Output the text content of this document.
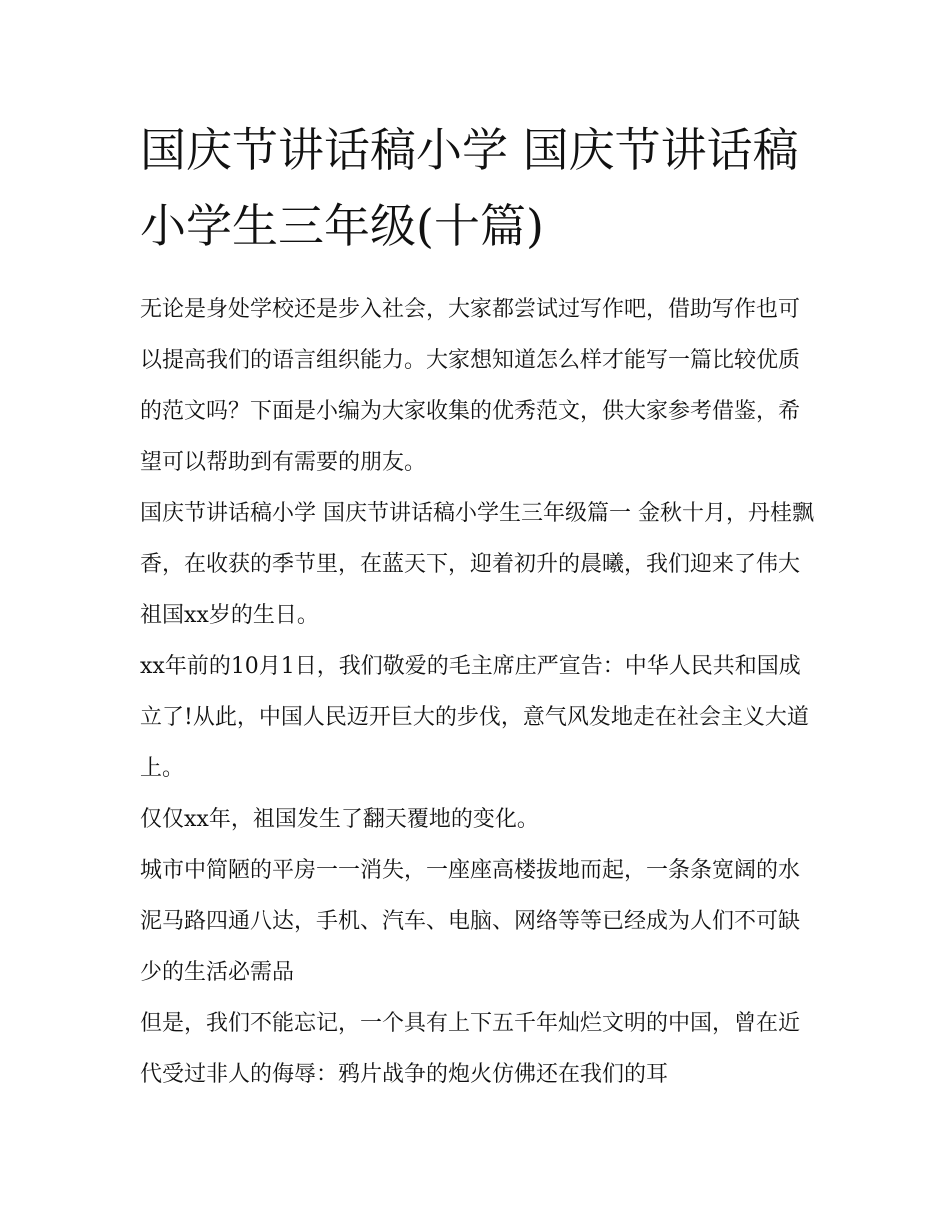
国庆节讲话稿小学 国庆节讲话稿小学生三年级(十篇)

无论是身处学校还是步入社会，大家都尝试过写作吧，借助写作也可以提高我们的语言组织能力。大家想知道怎么样才能写一篇比较优质的范文吗？下面是小编为大家收集的优秀范文，供大家参考借鉴，希望可以帮助到有需要的朋友。

国庆节讲话稿小学 国庆节讲话稿小学生三年级篇一 金秋十月，丹桂飘香，在收获的季节里，在蓝天下，迎着初升的晨曦，我们迎来了伟大祖国xx岁的生日。

xx年前的10月1日，我们敬爱的毛主席庄严宣告：中华人民共和国成立了!从此，中国人民迈开巨大的步伐，意气风发地走在社会主义大道上。

仅仅xx年，祖国发生了翻天覆地的变化。

城市中简陋的平房一一消失，一座座高楼拔地而起，一条条宽阔的水泥马路四通八达，手机、汽车、电脑、网络等等已经成为人们不可缺少的生活必需品

但是，我们不能忘记，一个具有上下五千年灿烂文明的中国，曾在近代受过非人的侮辱：鸦片战争的炮火仿佛还在我们的耳
